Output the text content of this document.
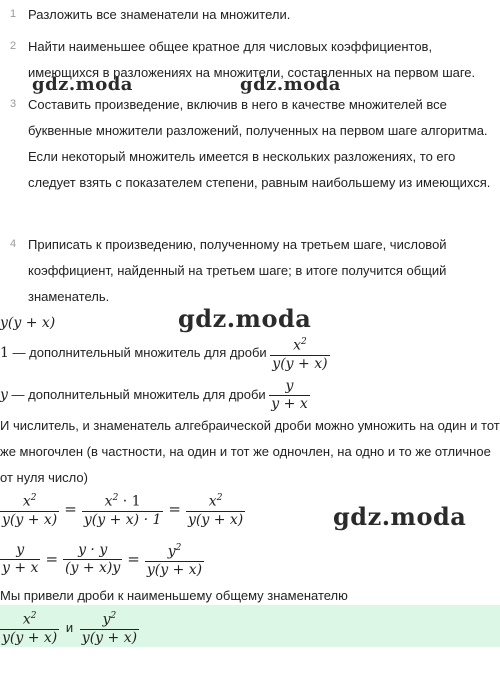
1 Разложить все знаменатели на множители.
2 Найти наименьшее общее кратное для числовых коэффициентов, имеющихся в разложениях на множители, составленных на первом шаге.
3 Составить произведение, включив в него в качестве множителей все буквенные множители разложений, полученных на первом шаге алгоритма. Если некоторый множитель имеется в нескольких разложениях, то его следует взять с показателем степени, равным наибольшему из имеющихся.
4 Приписать к произведению, полученному на третьем шаге, числовой коэффициент, найденный на третьем шаге; в итоге получится общий знаменатель.
y(y + x)
1 — дополнительный множитель для дроби $\frac{x^2}{y(y + x)}$
y — дополнительный множитель для дроби $\frac{y}{y + x}$
И числитель, и знаменатель алгебраической дроби можно умножить на один и тот же многочлен (в частности, на один и тот же одночлен, на одно и то же отличное от нуля число)
$\frac{x^2}{y(y + x)} = \frac{x^2 \cdot 1}{y(y + x) \cdot 1} = \frac{x^2}{y(y + x)}$
$\frac{y}{y + x} = \frac{y \cdot y}{(y + x)y} = \frac{y^2}{y(y + x)}$
Мы привели дроби к наименьшему общему знаменателю
$\frac{x^2}{y(y + x)}$ и $\frac{y^2}{y(y + x)}$
gdz.moda	gdz.moda
gdz.moda
gdz.moda
